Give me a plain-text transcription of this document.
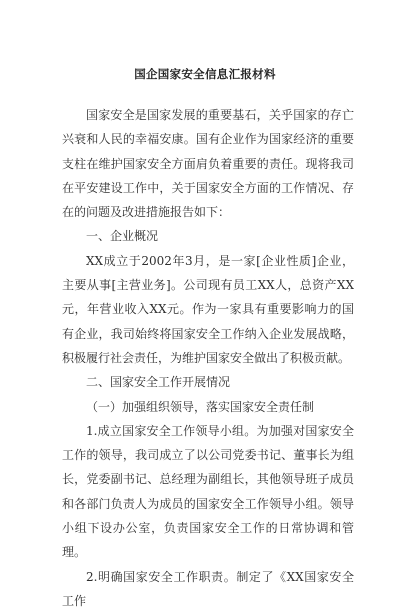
国企国家安全信息汇报材料

国家安全是国家发展的重要基石，关乎国家的存亡兴衰和人民的幸福安康。国有企业作为国家经济的重要支柱在维护国家安全方面肩负着重要的责任。现将我司在平安建设工作中，关于国家安全方面的工作情况、存在的问题及改进措施报告如下：

一、企业概况

XX成立于2002年3月，是一家[企业性质]企业，主要从事[主营业务]。公司现有员工XX人，总资产XX元，年营业收入XX元。作为一家具有重要影响力的国有企业，我司始终将国家安全工作纳入企业发展战略，积极履行社会责任，为维护国家安全做出了积极贡献。

二、国家安全工作开展情况

（一）加强组织领导，落实国家安全责任制

1.成立国家安全工作领导小组。为加强对国家安全工作的领导，我司成立了以公司党委书记、董事长为组长，党委副书记、总经理为副组长，其他领导班子成员和各部门负责人为成员的国家安全工作领导小组。领导小组下设办公室，负责国家安全工作的日常协调和管理。

2.明确国家安全工作职责。制定了《XX国家安全工作
